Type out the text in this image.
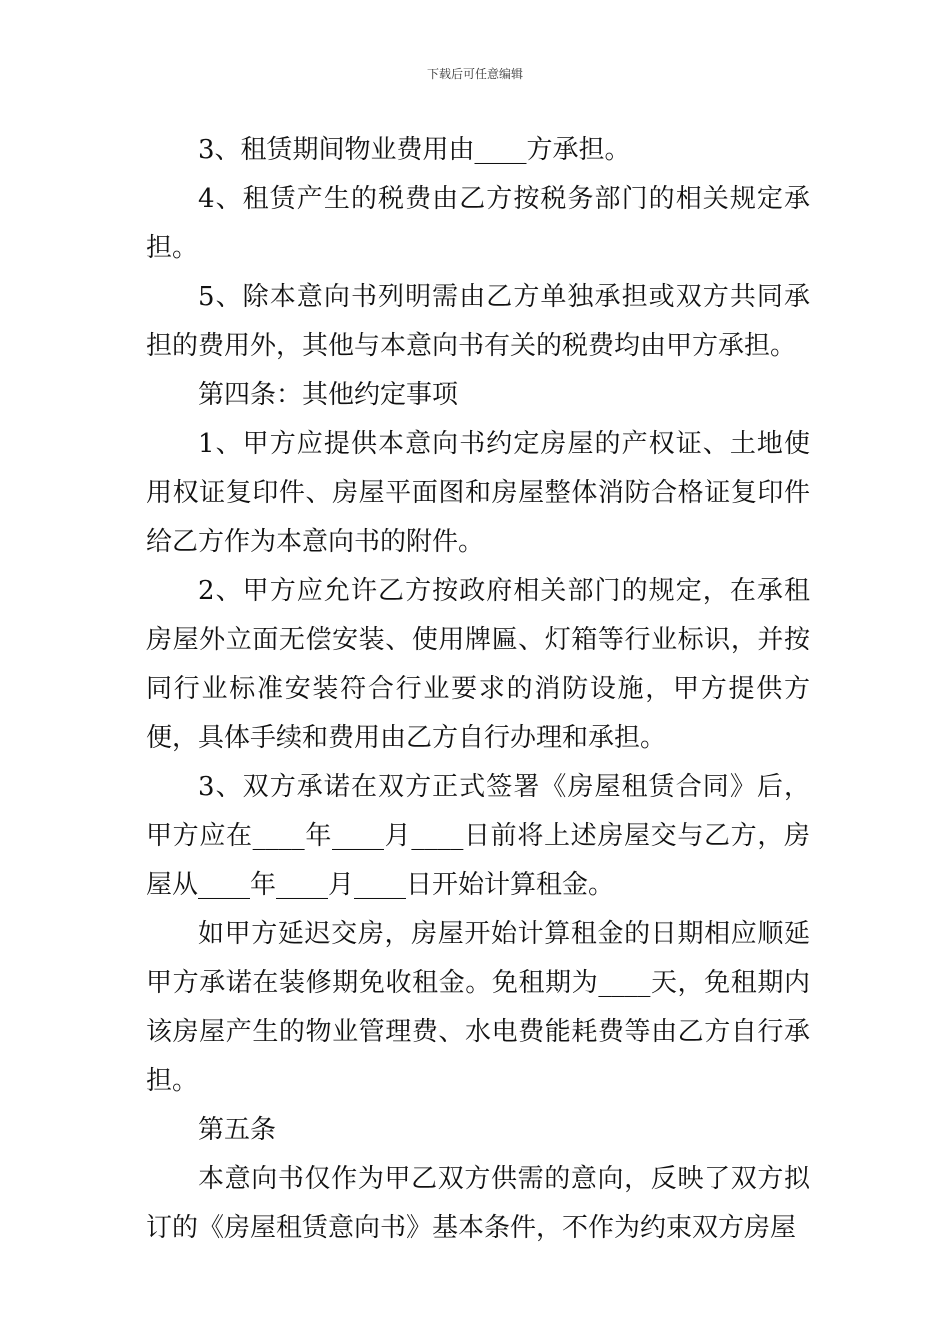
下载后可任意编辑

3、租赁期间物业费用由____方承担。

4、租赁产生的税费由乙方按税务部门的相关规定承担。

5、除本意向书列明需由乙方单独承担或双方共同承担的费用外，其他与本意向书有关的税费均由甲方承担。

第四条：其他约定事项

1、甲方应提供本意向书约定房屋的产权证、土地使用权证复印件、房屋平面图和房屋整体消防合格证复印件给乙方作为本意向书的附件。

2、甲方应允许乙方按政府相关部门的规定，在承租房屋外立面无偿安装、使用牌匾、灯箱等行业标识，并按同行业标准安装符合行业要求的消防设施，甲方提供方便，具体手续和费用由乙方自行办理和承担。

3、双方承诺在双方正式签署《房屋租赁合同》后，甲方应在____年____月____日前将上述房屋交与乙方，房屋从____年____月____日开始计算租金。

如甲方延迟交房，房屋开始计算租金的日期相应顺延甲方承诺在装修期免收租金。免租期为____天，免租期内该房屋产生的物业管理费、水电费能耗费等由乙方自行承担。

第五条

本意向书仅作为甲乙双方供需的意向，反映了双方拟订的《房屋租赁意向书》基本条件，不作为约束双方房屋
